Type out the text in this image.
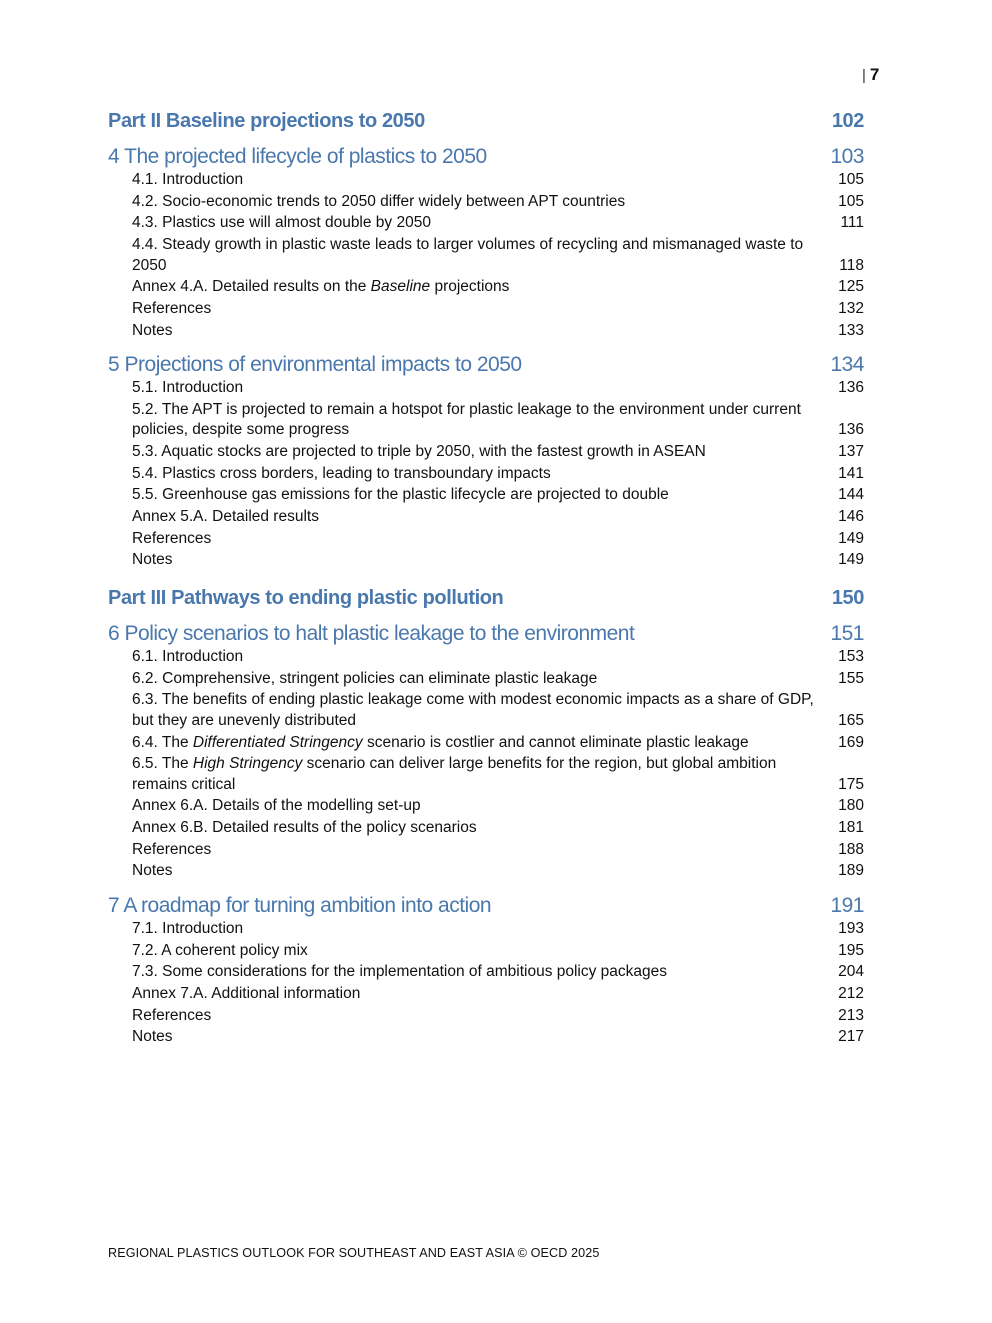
| 7
Part II Baseline projections to 2050	102
4 The projected lifecycle of plastics to 2050	103
4.1. Introduction	105
4.2. Socio-economic trends to 2050 differ widely between APT countries	105
4.3. Plastics use will almost double by 2050	111
4.4. Steady growth in plastic waste leads to larger volumes of recycling and mismanaged waste to 2050	118
Annex 4.A. Detailed results on the Baseline projections	125
References	132
Notes	133
5 Projections of environmental impacts to 2050	134
5.1. Introduction	136
5.2. The APT is projected to remain a hotspot for plastic leakage to the environment under current policies, despite some progress	136
5.3. Aquatic stocks are projected to triple by 2050, with the fastest growth in ASEAN	137
5.4. Plastics cross borders, leading to transboundary impacts	141
5.5. Greenhouse gas emissions for the plastic lifecycle are projected to double	144
Annex 5.A. Detailed results	146
References	149
Notes	149
Part III Pathways to ending plastic pollution	150
6 Policy scenarios to halt plastic leakage to the environment	151
6.1. Introduction	153
6.2. Comprehensive, stringent policies can eliminate plastic leakage	155
6.3. The benefits of ending plastic leakage come with modest economic impacts as a share of GDP, but they are unevenly distributed	165
6.4. The Differentiated Stringency scenario is costlier and cannot eliminate plastic leakage	169
6.5. The High Stringency scenario can deliver large benefits for the region, but global ambition remains critical	175
Annex 6.A. Details of the modelling set-up	180
Annex 6.B. Detailed results of the policy scenarios	181
References	188
Notes	189
7 A roadmap for turning ambition into action	191
7.1. Introduction	193
7.2. A coherent policy mix	195
7.3. Some considerations for the implementation of ambitious policy packages	204
Annex 7.A. Additional information	212
References	213
Notes	217
REGIONAL PLASTICS OUTLOOK FOR SOUTHEAST AND EAST ASIA © OECD 2025
